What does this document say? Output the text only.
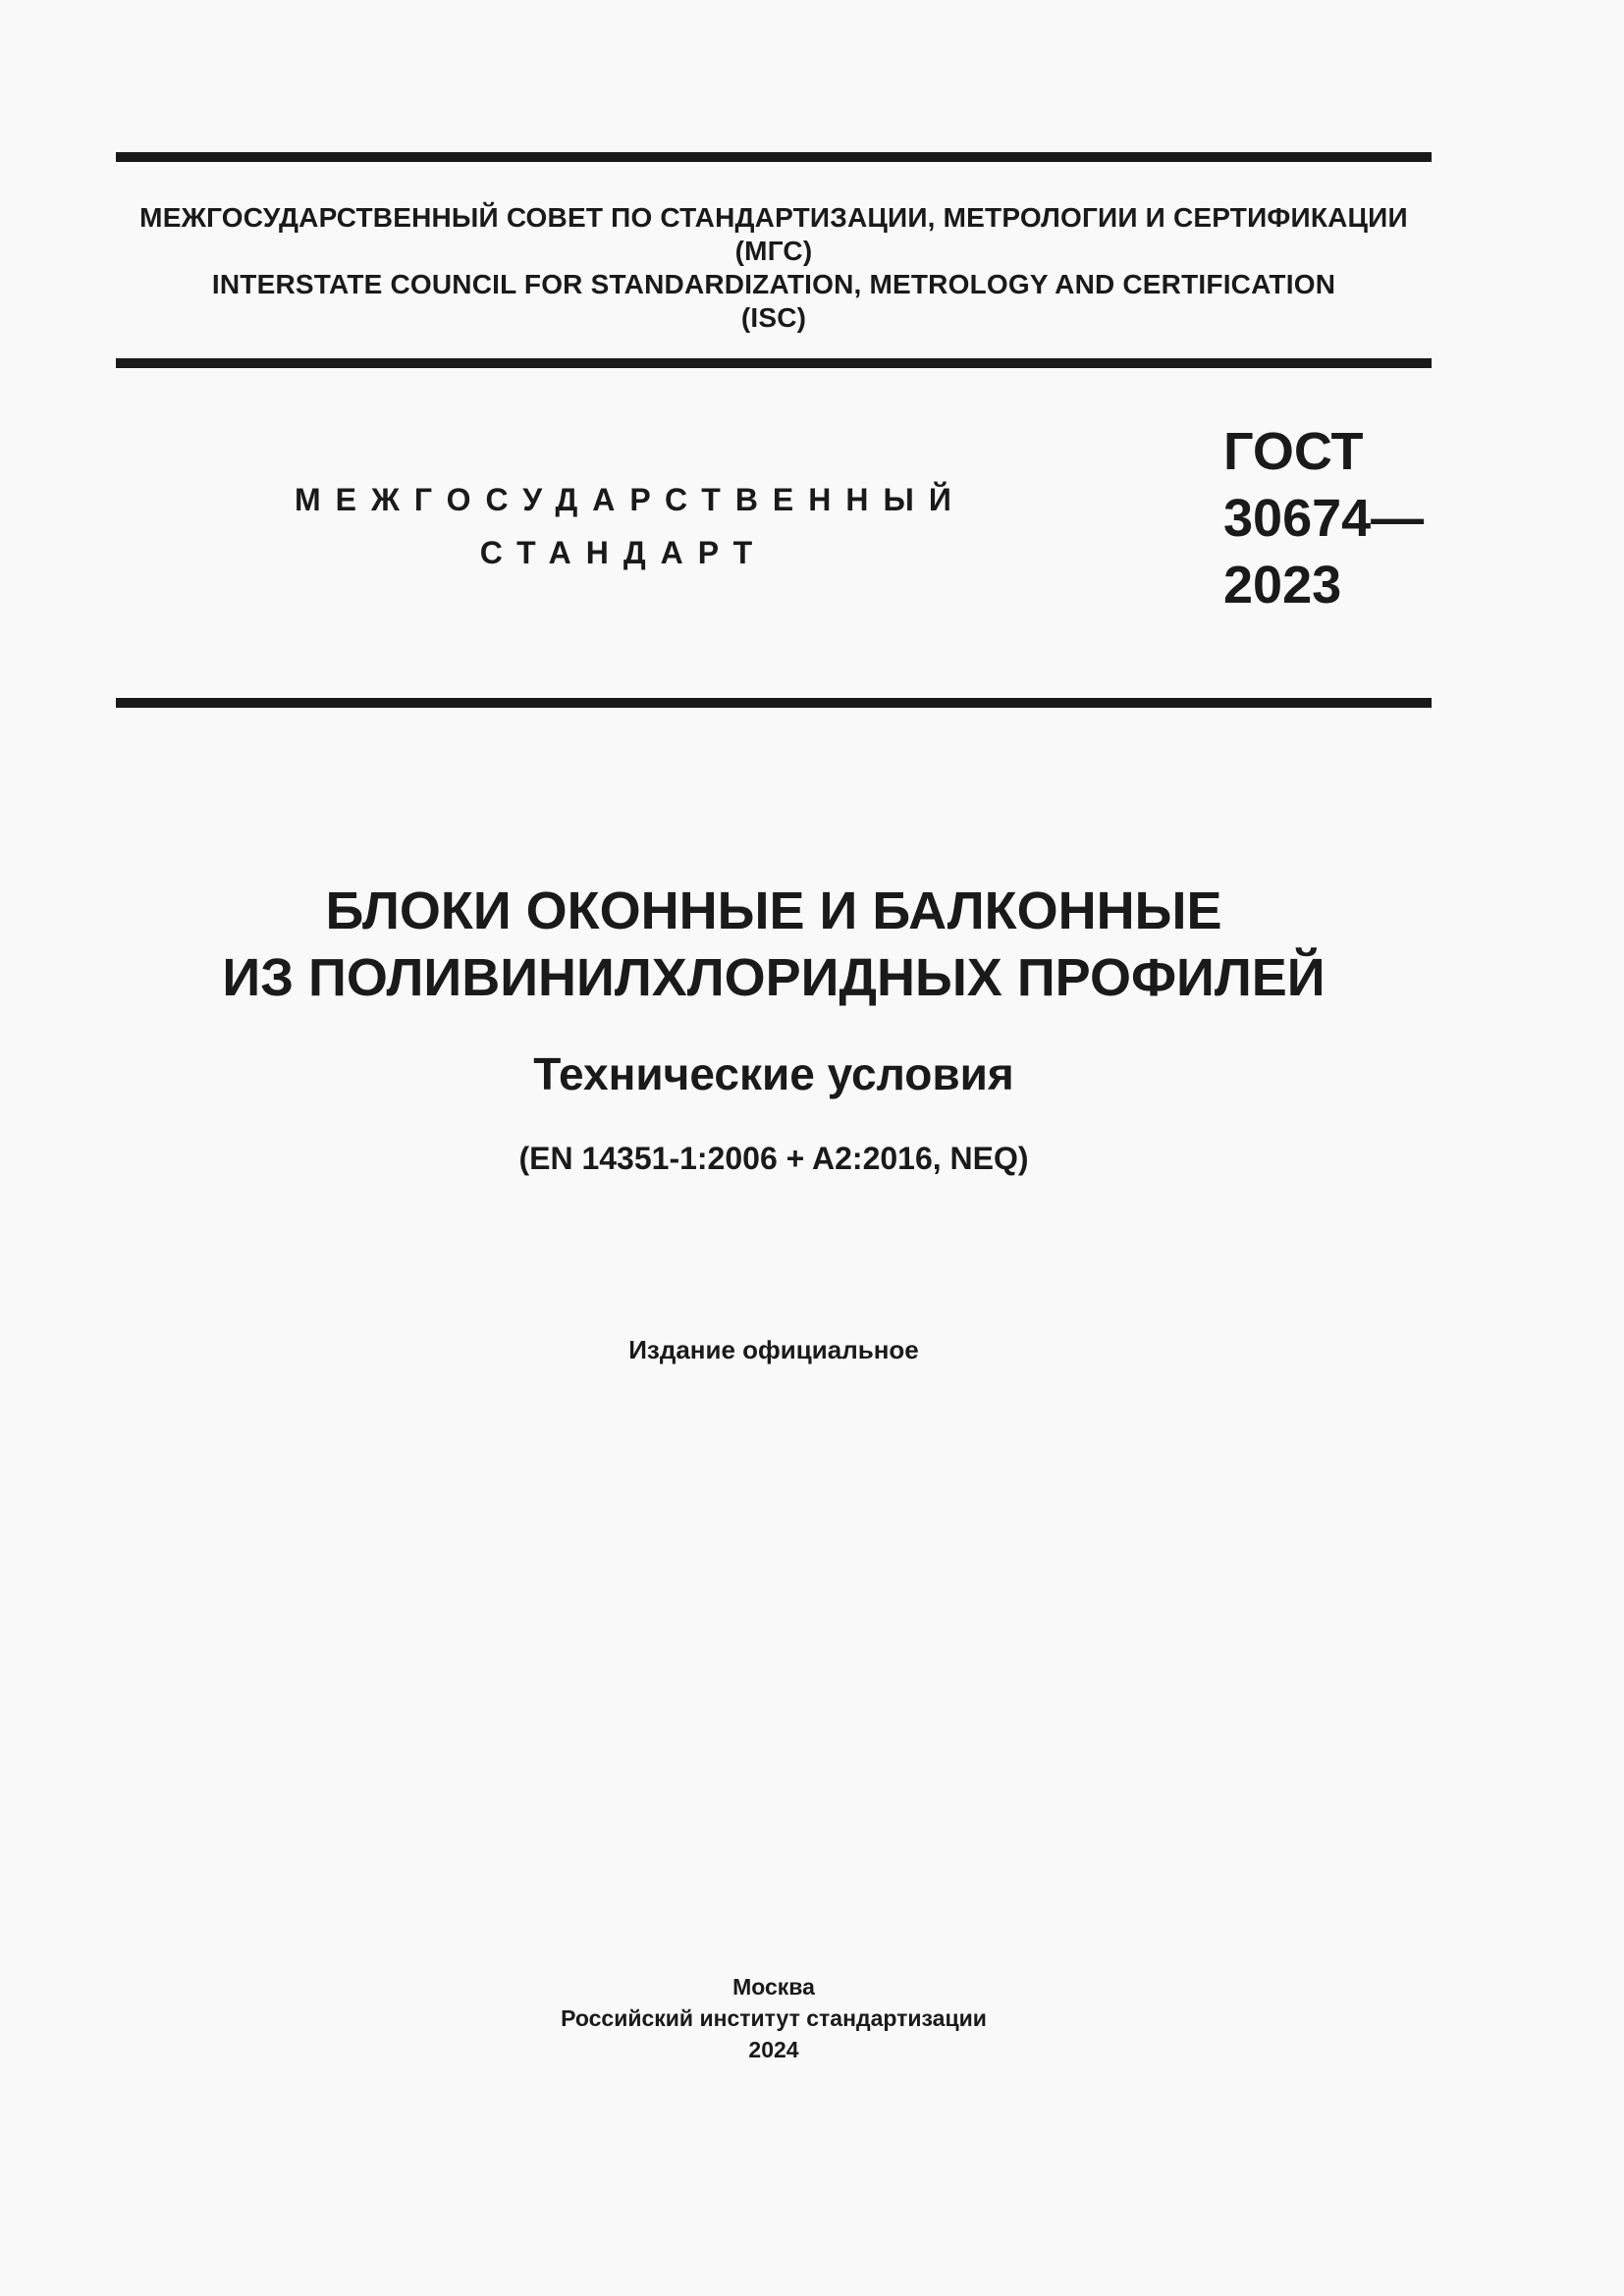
МЕЖГОСУДАРСТВЕННЫЙ СОВЕТ ПО СТАНДАРТИЗАЦИИ, МЕТРОЛОГИИ И СЕРТИФИКАЦИИ
(МГС)
INTERSTATE COUNCIL FOR STANDARDIZATION, METROLOGY AND CERTIFICATION
(ISC)
МЕЖГОСУДАРСТВЕННЫЙ
СТАНДАРТ
ГОСТ
30674—
2023
БЛОКИ ОКОННЫЕ И БАЛКОННЫЕ
ИЗ ПОЛИВИНИЛХЛОРИДНЫХ ПРОФИЛЕЙ
Технические условия
(EN 14351-1:2006 + A2:2016, NEQ)
Издание официальное
Москва
Российский институт стандартизации
2024
